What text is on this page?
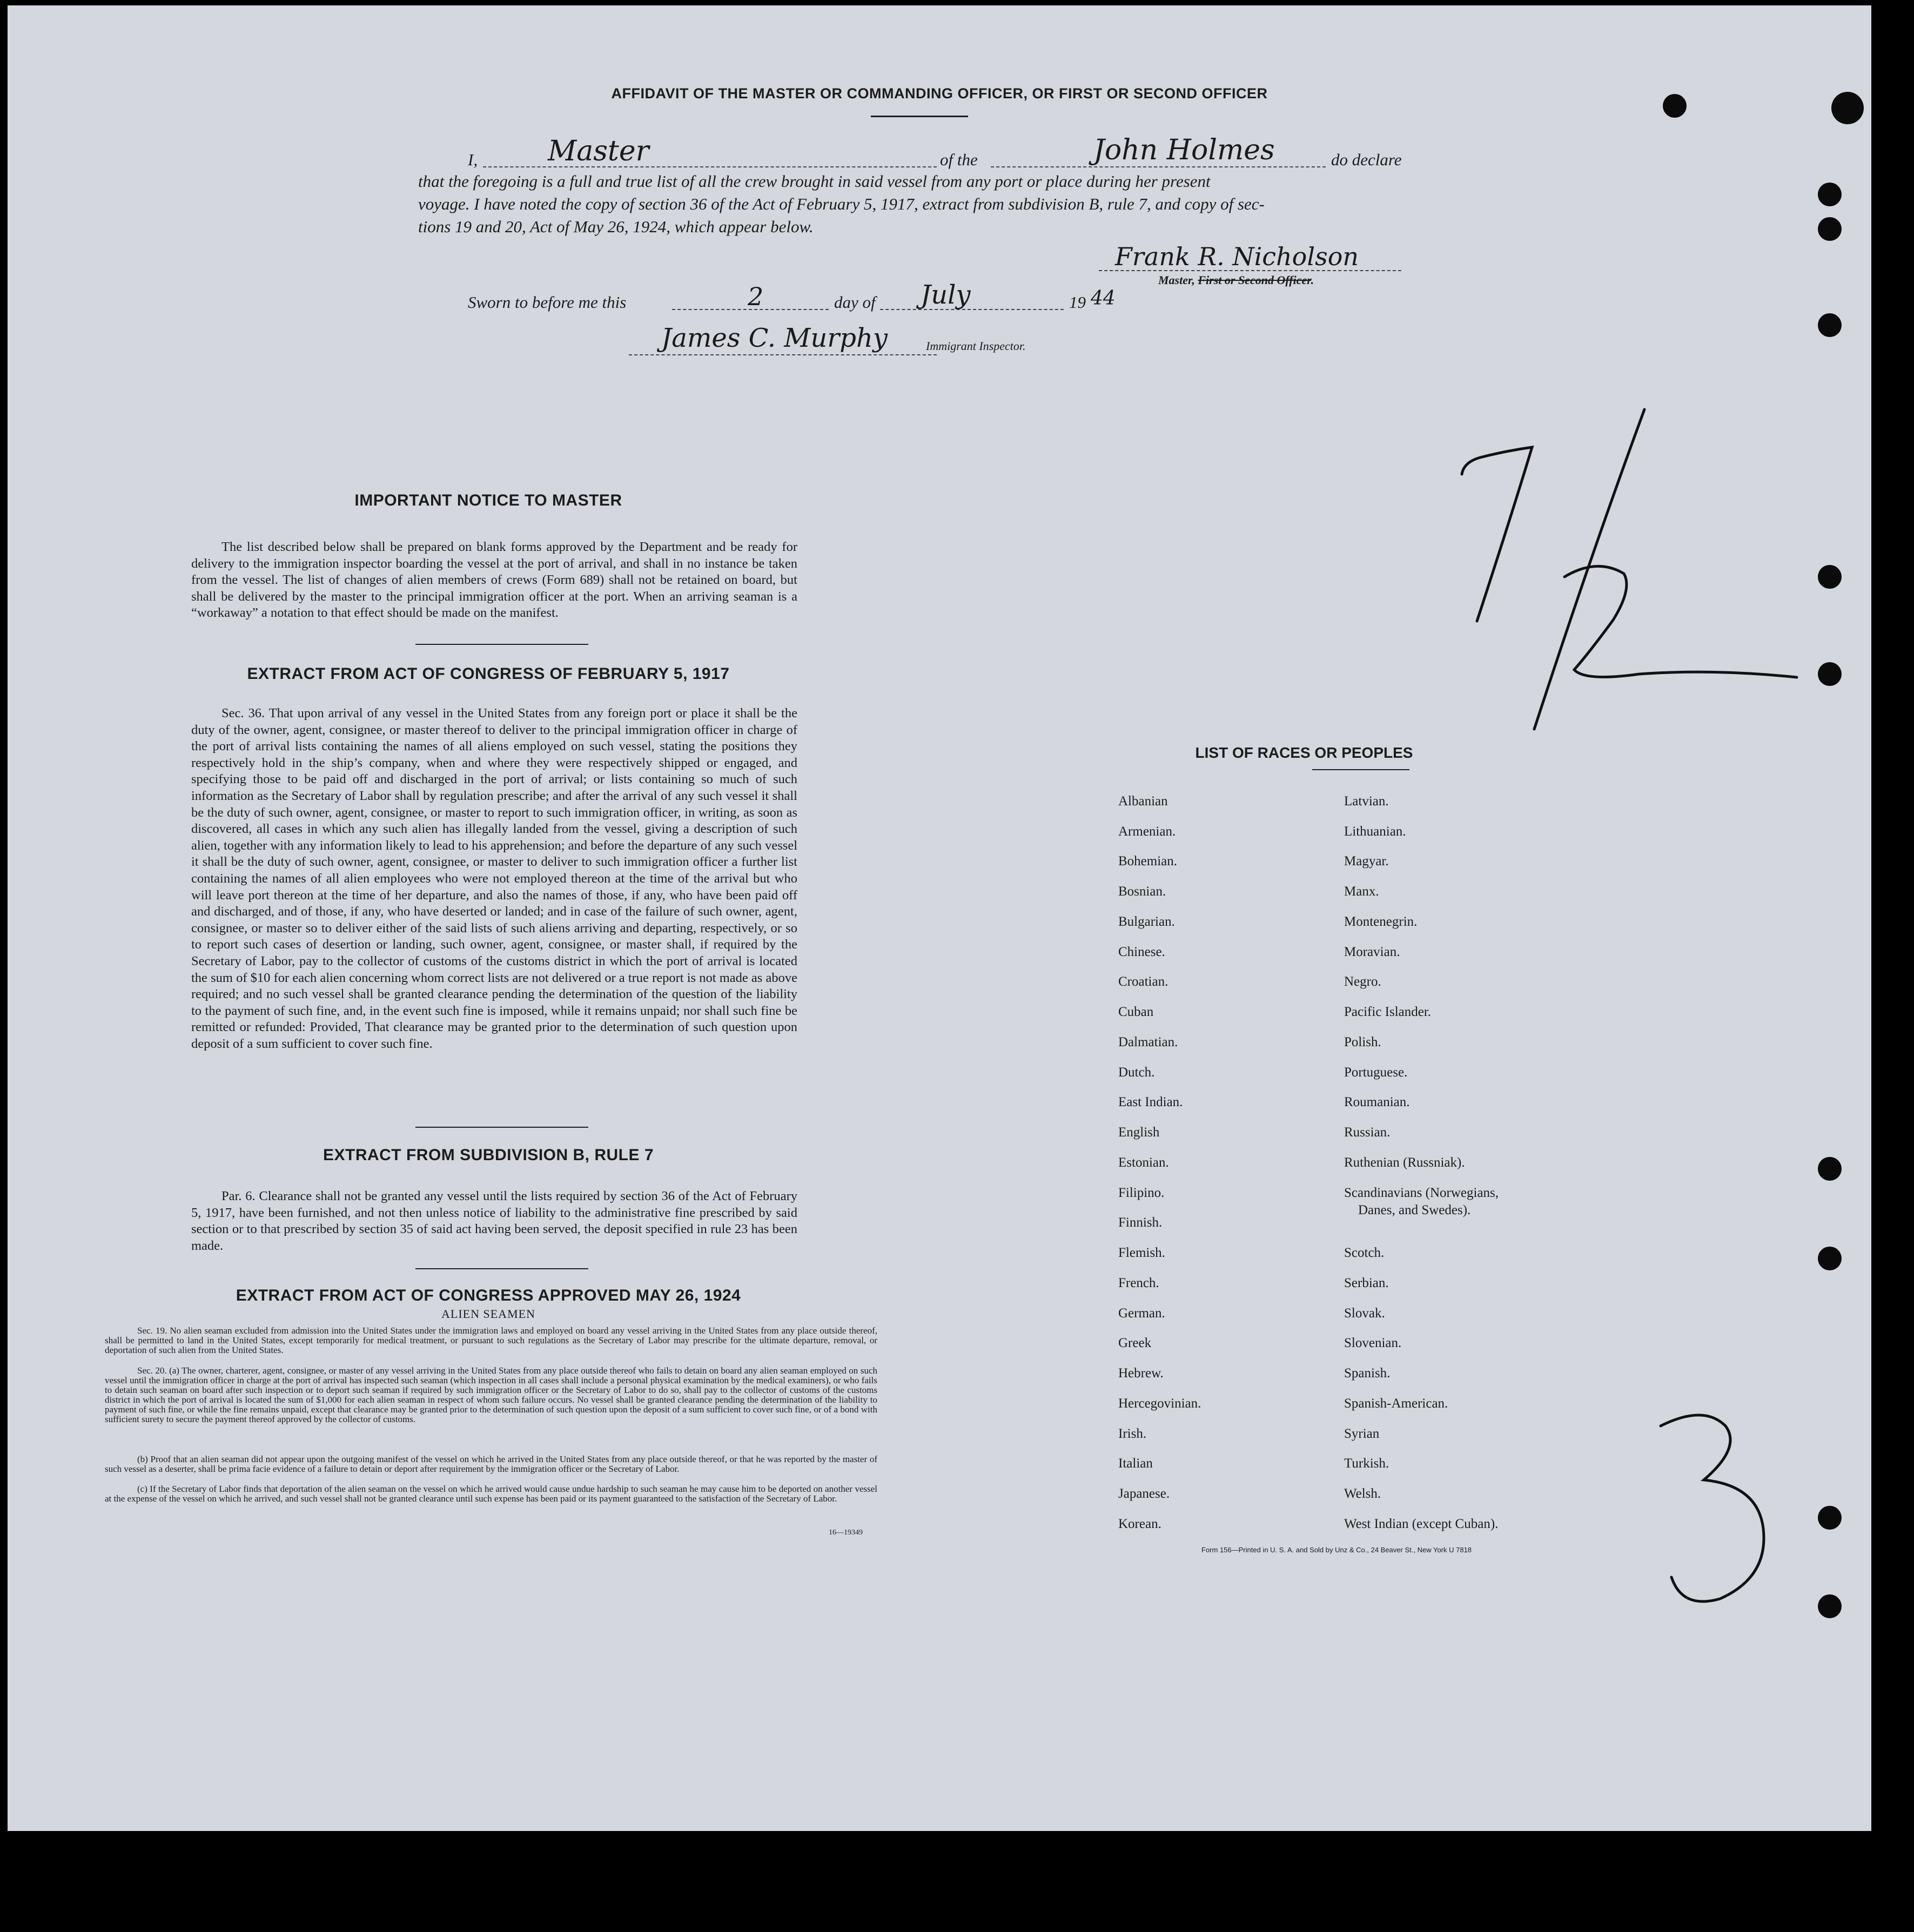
AFFIDAVIT OF THE MASTER OR COMMANDING OFFICER, OR FIRST OR SECOND OFFICER
I, Master	of the	John Holmes	do declare
that the foregoing is a full and true list of all the crew brought in said vessel from any port or place during her present
voyage. I have noted the copy of section 36 of the Act of February 5, 1917, extract from subdivision B, rule 7, and copy of sec-
tions 19 and 20, Act of May 26, 1924, which appear below.
Frank R. Nicholson
Master, First or Second Officer.
Sworn to before me this	2	day of July	19 44
James C. Murphy	Immigrant Inspector.
IMPORTANT NOTICE TO MASTER
The list described below shall be prepared on blank forms approved by the Department and be ready for delivery to the immigration inspector boarding the vessel at the port of arrival, and shall in no instance be taken from the vessel. The list of changes of alien members of crews (Form 689) shall not be retained on board, but shall be delivered by the master to the principal immigration officer at the port. When an arriving seaman is a “workaway” a notation to that effect should be made on the manifest.
EXTRACT FROM ACT OF CONGRESS OF FEBRUARY 5, 1917
Sec. 36. That upon arrival of any vessel in the United States from any foreign port or place it shall be the duty of the owner, agent, consignee, or master thereof to deliver to the principal immigration officer in charge of the port of arrival lists containing the names of all aliens employed on such vessel, stating the positions they respectively hold in the ship’s company, when and where they were respectively shipped or engaged, and specifying those to be paid off and discharged in the port of arrival; or lists containing so much of such information as the Secretary of Labor shall by regulation prescribe; and after the arrival of any such vessel it shall be the duty of such owner, agent, consignee, or master to report to such immigration officer, in writing, as soon as discovered, all cases in which any such alien has illegally landed from the vessel, giving a description of such alien, together with any information likely to lead to his apprehension; and before the departure of any such vessel it shall be the duty of such owner, agent, consignee, or master to deliver to such immigration officer a further list containing the names of all alien employees who were not employed thereon at the time of the arrival but who will leave port thereon at the time of her departure, and also the names of those, if any, who have been paid off and discharged, and of those, if any, who have deserted or landed; and in case of the failure of such owner, agent, consignee, or master so to deliver either of the said lists of such aliens arriving and departing, respectively, or so to report such cases of desertion or landing, such owner, agent, consignee, or master shall, if required by the Secretary of Labor, pay to the collector of customs of the customs district in which the port of arrival is located the sum of $10 for each alien concerning whom correct lists are not delivered or a true report is not made as above required; and no such vessel shall be granted clearance pending the determination of the question of the liability to the payment of such fine, and, in the event such fine is imposed, while it remains unpaid; nor shall such fine be remitted or refunded: Provided, That clearance may be granted prior to the determination of such question upon deposit of a sum sufficient to cover such fine.
EXTRACT FROM SUBDIVISION B, RULE 7
Par. 6. Clearance shall not be granted any vessel until the lists required by section 36 of the Act of February 5, 1917, have been furnished, and not then unless notice of liability to the administrative fine prescribed by said section or to that prescribed by section 35 of said act having been served, the deposit specified in rule 23 has been made.
EXTRACT FROM ACT OF CONGRESS APPROVED MAY 26, 1924
ALIEN SEAMEN
Sec. 19. No alien seaman excluded from admission into the United States under the immigration laws and employed on board any vessel arriving in the United States from any place outside thereof, shall be permitted to land in the United States, except temporarily for medical treatment, or pursuant to such regulations as the Secretary of Labor may prescribe for the ultimate departure, removal, or deportation of such alien from the United States.
Sec. 20. (a) The owner, charterer, agent, consignee, or master of any vessel arriving in the United States from any place outside thereof who fails to detain on board any alien seaman employed on such vessel until the immigration officer in charge at the port of arrival has inspected such seaman (which inspection in all cases shall include a personal physical examination by the medical examiners), or who fails to detain such seaman on board after such inspection or to deport such seaman if required by such immigration officer or the Secretary of Labor to do so, shall pay to the collector of customs of the customs district in which the port of arrival is located the sum of $1,000 for each alien seaman in respect of whom such failure occurs. No vessel shall be granted clearance pending the determination of the liability to payment of such fine, or while the fine remains unpaid, except that clearance may be granted prior to the determination of such question upon the deposit of a sum sufficient to cover such fine, or of a bond with sufficient surety to secure the payment thereof approved by the collector of customs.
(b) Proof that an alien seaman did not appear upon the outgoing manifest of the vessel on which he arrived in the United States from any place outside thereof, or that he was reported by the master of such vessel as a deserter, shall be prima facie evidence of a failure to detain or deport after requirement by the immigration officer or the Secretary of Labor.
(c) If the Secretary of Labor finds that deportation of the alien seaman on the vessel on which he arrived would cause undue hardship to such seaman he may cause him to be deported on another vessel at the expense of the vessel on which he arrived, and such vessel shall not be granted clearance until such expense has been paid or its payment guaranteed to the satisfaction of the Secretary of Labor.
16—19349
LIST OF RACES OR PEOPLES
Albanian
Armenian.
Bohemian.
Bosnian.
Bulgarian.
Chinese.
Croatian.
Cuban
Dalmatian.
Dutch.
East Indian.
English
Estonian.
Filipino.
Finnish.
Flemish.
French.
German.
Greek
Hebrew.
Hercegovinian.
Irish.
Italian
Japanese.
Korean.
Latvian.
Lithuanian.
Magyar.
Manx.
Montenegrin.
Moravian.
Negro.
Pacific Islander.
Polish.
Portuguese.
Roumanian.
Russian.
Ruthenian (Russniak).
Scandinavians (Norwegians,
Danes, and Swedes).
Scotch.
Serbian.
Slovak.
Slovenian.
Spanish.
Spanish-American.
Syrian
Turkish.
Welsh.
West Indian (except Cuban).
Form 156—Printed in U. S. A. and Sold by Unz & Co., 24 Beaver St., New York U 7818
